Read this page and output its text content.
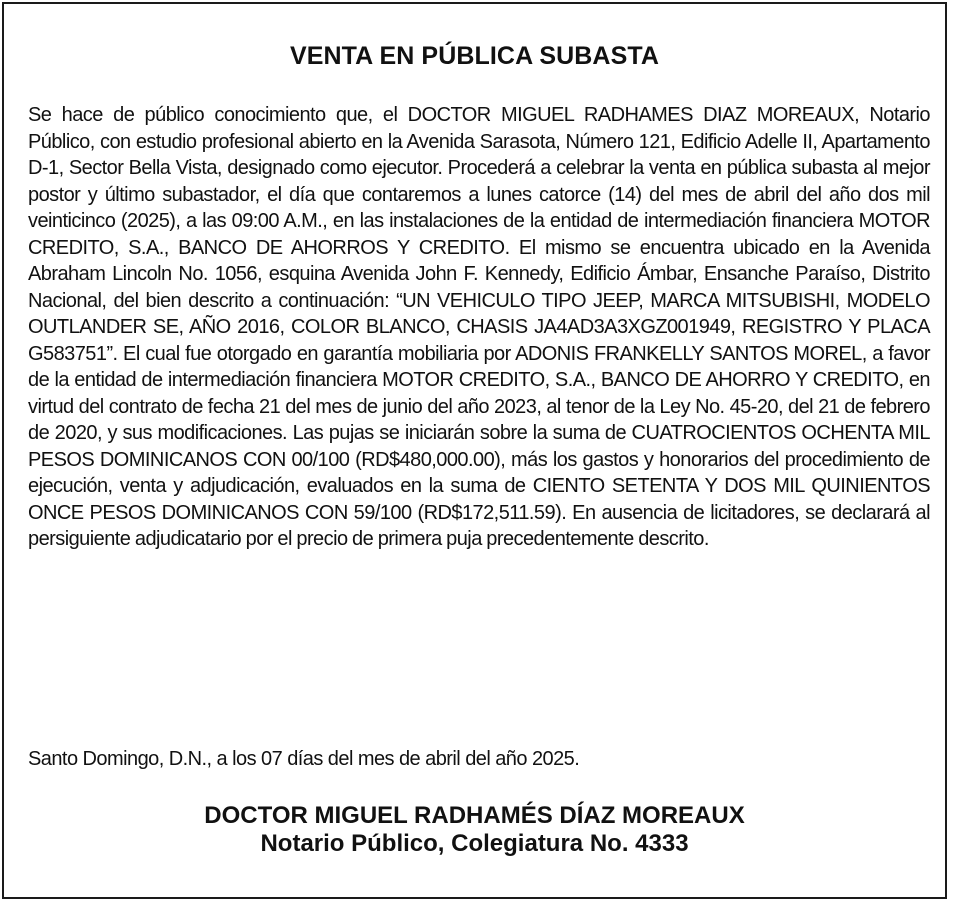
VENTA EN PÚBLICA SUBASTA

Se hace de público conocimiento que, el DOCTOR MIGUEL RADHAMES DIAZ MOREAUX, Notario Público, con estudio profesional abierto en la Avenida Sarasota, Número 121, Edificio Adelle II, Apartamento D-1, Sector Bella Vista, designado como ejecutor. Procederá a celebrar la venta en pública subasta al mejor postor y último subastador, el día que contaremos a lunes catorce (14) del mes de abril del año dos mil veinticinco (2025), a las 09:00 A.M., en las instalaciones de la entidad de intermediación financiera MOTOR CREDITO, S.A., BANCO DE AHORROS Y CREDITO. El mismo se encuentra ubicado en la Avenida Abraham Lincoln No. 1056, esquina Avenida John F. Kennedy, Edificio Ámbar, Ensanche Paraíso, Distrito Nacional, del bien descrito a continuación: “UN VEHICULO TIPO JEEP, MARCA MITSUBISHI, MODELO OUTLANDER SE, AÑO 2016, COLOR BLANCO, CHASIS JA4AD3A3XGZ001949, REGISTRO Y PLACA G583751”. El cual fue otorgado en garantía mobiliaria por ADONIS FRANKELLY SANTOS MOREL, a favor de la entidad de intermediación financiera MOTOR CREDITO, S.A., BANCO DE AHORRO Y CREDITO, en virtud del contrato de fecha 21 del mes de junio del año 2023, al tenor de la Ley No. 45-20, del 21 de febrero de 2020, y sus modificaciones. Las pujas se iniciarán sobre la suma de CUATROCIENTOS OCHENTA MIL PESOS DOMINICANOS CON 00/100 (RD$480,000.00), más los gastos y honorarios del procedimiento de ejecución, venta y adjudicación, evaluados en la suma de CIENTO SETENTA Y DOS MIL QUINIENTOS ONCE PESOS DOMINICANOS CON 59/100 (RD$172,511.59). En ausencia de licitadores, se declarará al persiguiente adjudicatario por el precio de primera puja precedentemente descrito.

Santo Domingo, D.N., a los 07 días del mes de abril del año 2025.

DOCTOR MIGUEL RADHAMÉS DÍAZ MOREAUX
Notario Público, Colegiatura No. 4333
